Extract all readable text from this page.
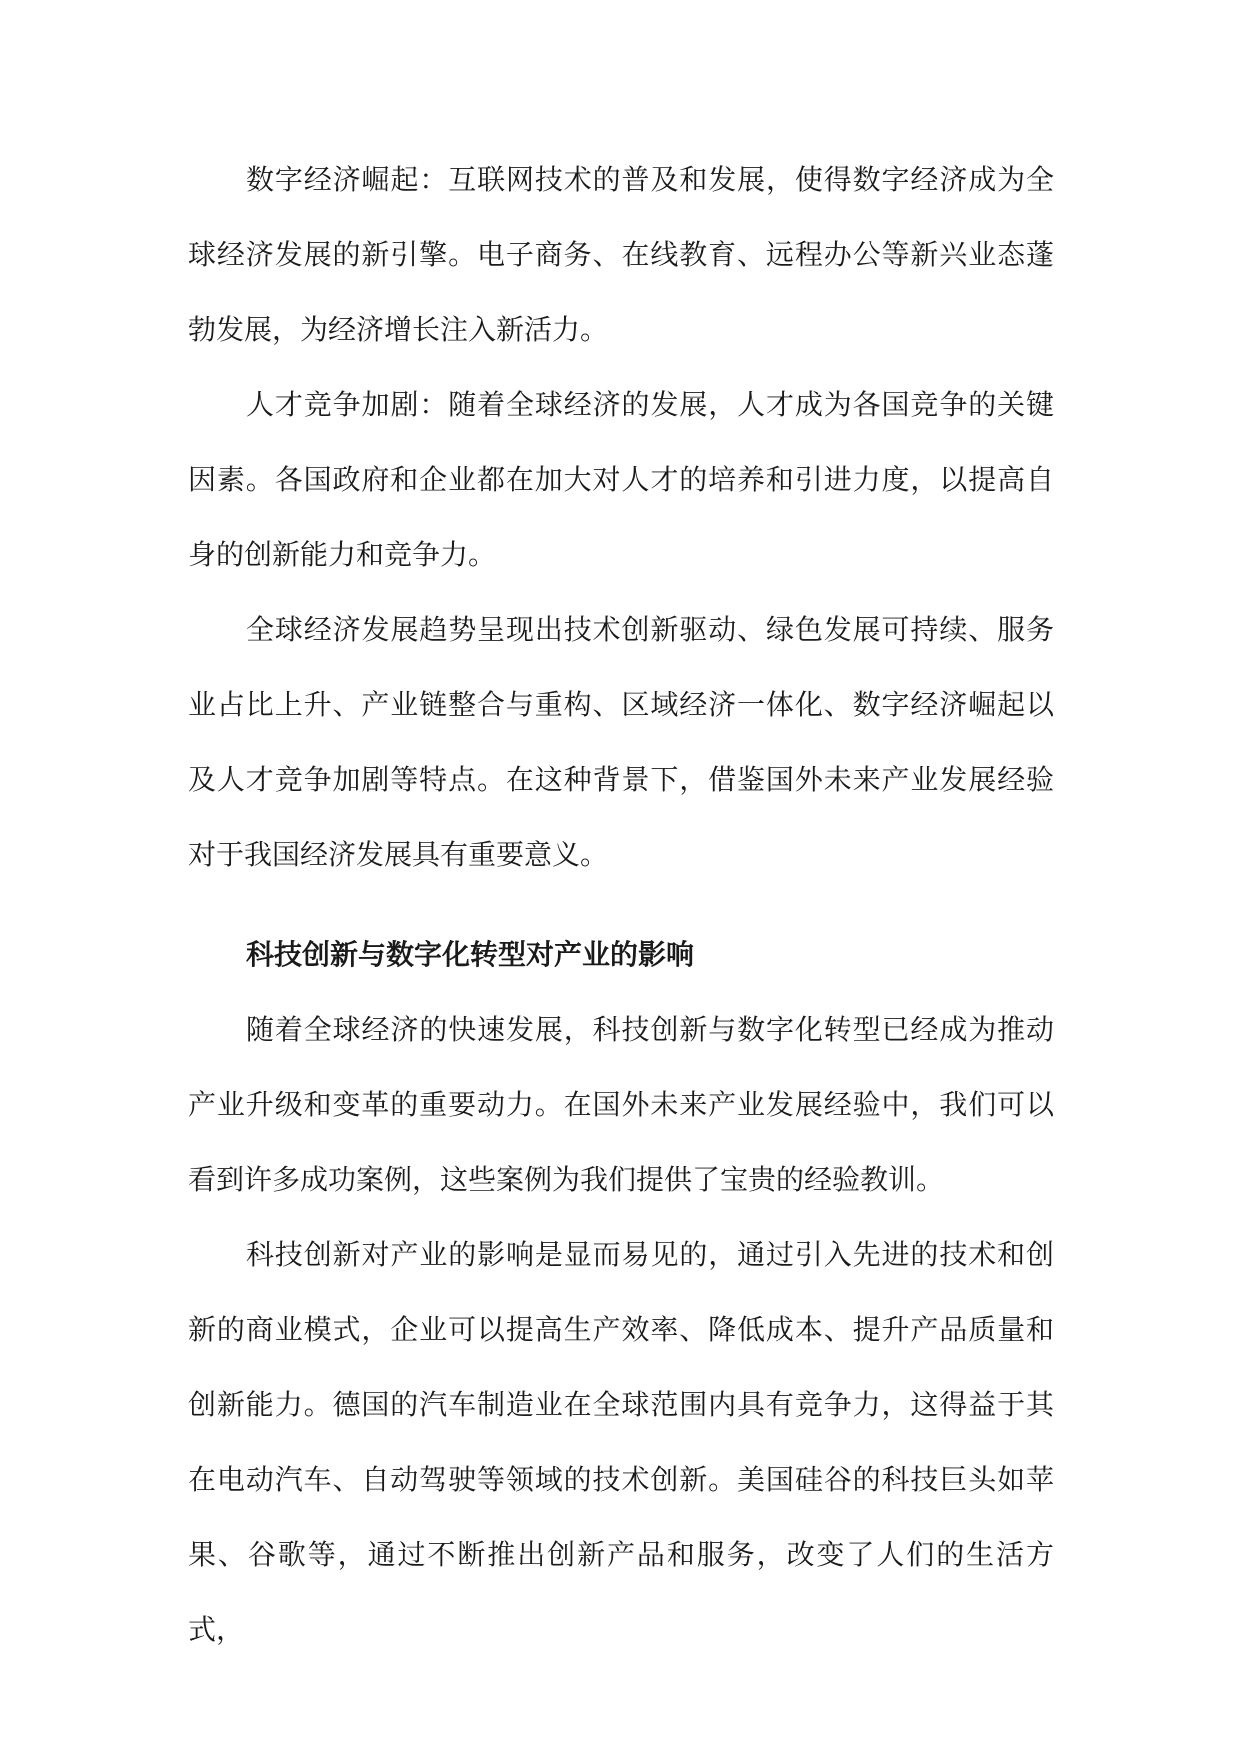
数字经济崛起：互联网技术的普及和发展，使得数字经济成为全球经济发展的新引擎。电子商务、在线教育、远程办公等新兴业态蓬勃发展，为经济增长注入新活力。

人才竞争加剧：随着全球经济的发展，人才成为各国竞争的关键因素。各国政府和企业都在加大对人才的培养和引进力度，以提高自身的创新能力和竞争力。

全球经济发展趋势呈现出技术创新驱动、绿色发展可持续、服务业占比上升、产业链整合与重构、区域经济一体化、数字经济崛起以及人才竞争加剧等特点。在这种背景下，借鉴国外未来产业发展经验对于我国经济发展具有重要意义。

科技创新与数字化转型对产业的影响

随着全球经济的快速发展，科技创新与数字化转型已经成为推动产业升级和变革的重要动力。在国外未来产业发展经验中，我们可以看到许多成功案例，这些案例为我们提供了宝贵的经验教训。

科技创新对产业的影响是显而易见的，通过引入先进的技术和创新的商业模式，企业可以提高生产效率、降低成本、提升产品质量和创新能力。德国的汽车制造业在全球范围内具有竞争力，这得益于其在电动汽车、自动驾驶等领域的技术创新。美国硅谷的科技巨头如苹果、谷歌等，通过不断推出创新产品和服务，改变了人们的生活方式，
